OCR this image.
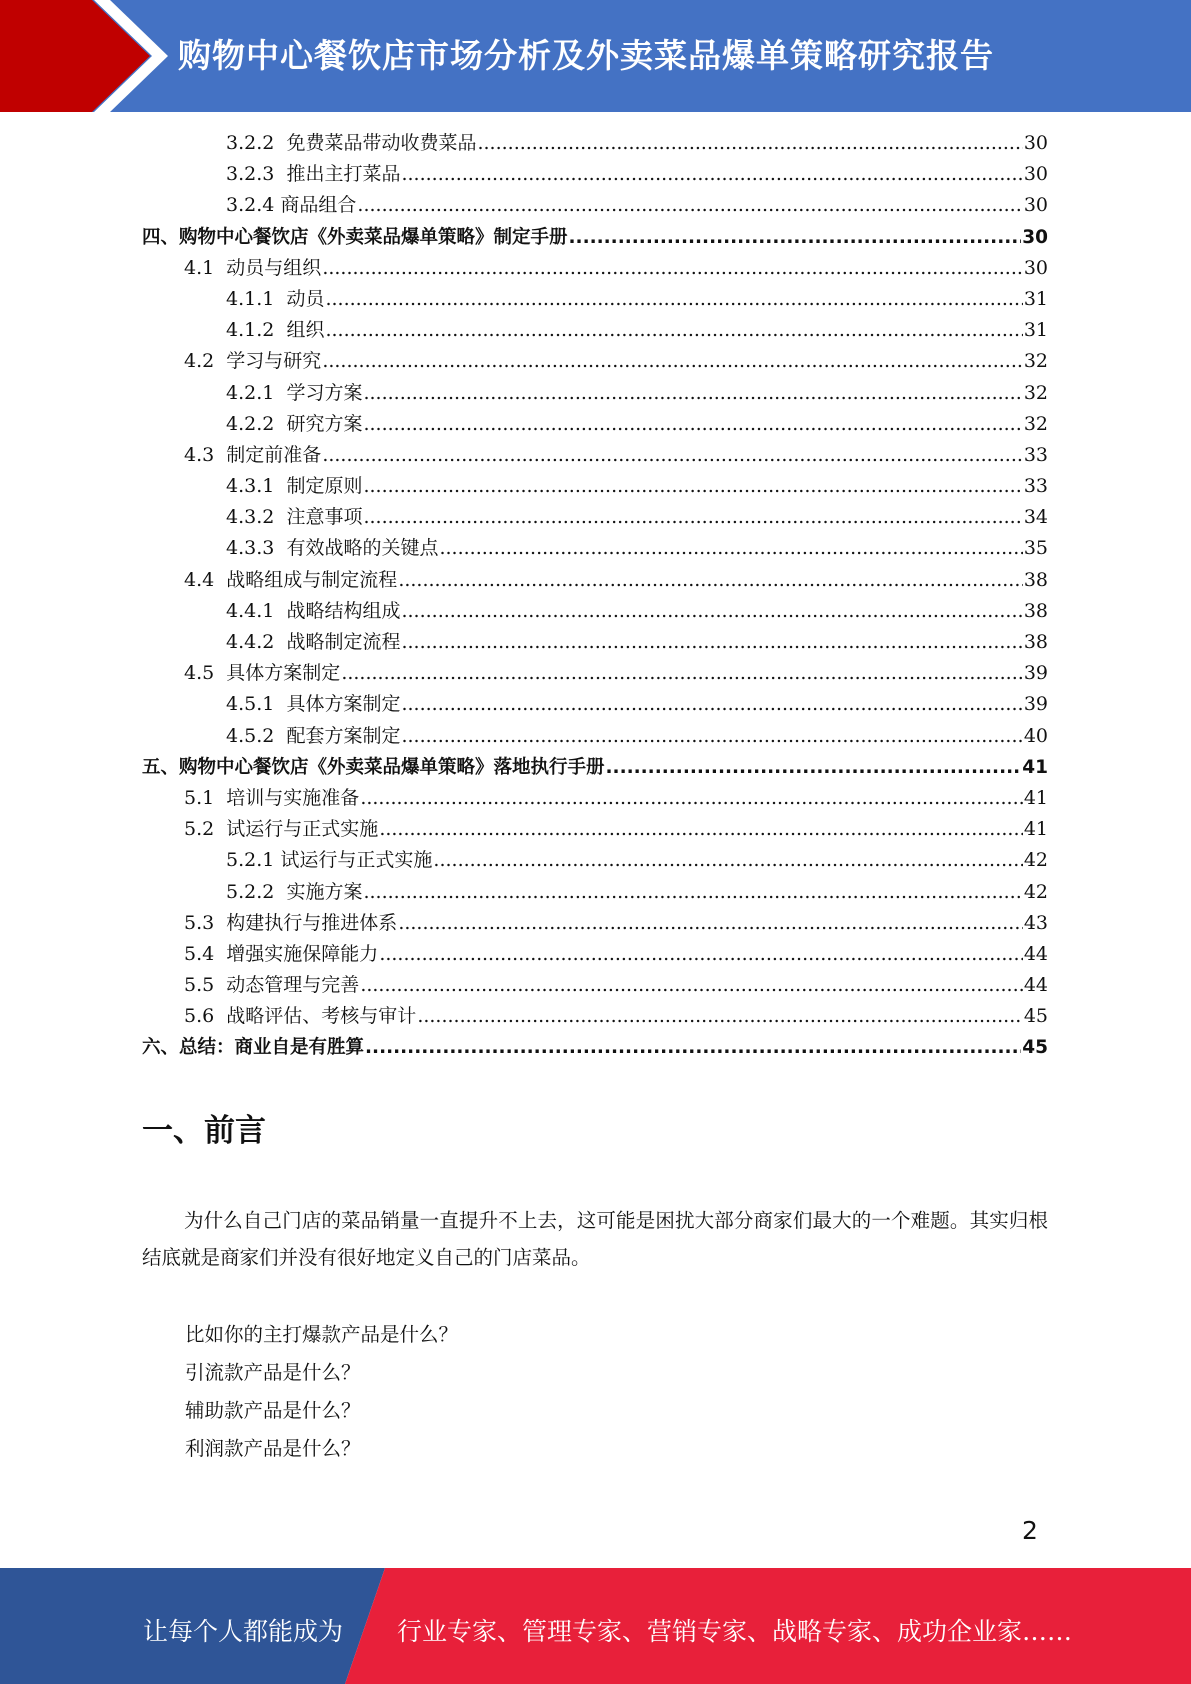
购物中心餐饮店市场分析及外卖菜品爆单策略研究报告
3.2.2 免费菜品带动收费菜品 .....	30
3.2.3 推出主打菜品 .....	30
3.2.4 商品组合 .....	30
四、购物中心餐饮店《外卖菜品爆单策略》制定手册 .....	30
4.1 动员与组织 .....	30
4.1.1 动员 .....	31
4.1.2 组织 .....	31
4.2 学习与研究 .....	32
4.2.1 学习方案 .....	32
4.2.2 研究方案 .....	32
4.3 制定前准备 .....	33
4.3.1 制定原则 .....	33
4.3.2 注意事项 .....	34
4.3.3 有效战略的关键点 .....	35
4.4 战略组成与制定流程 .....	38
4.4.1 战略结构组成 .....	38
4.4.2 战略制定流程 .....	38
4.5 具体方案制定 .....	39
4.5.1 具体方案制定 .....	39
4.5.2 配套方案制定 .....	40
五、购物中心餐饮店《外卖菜品爆单策略》落地执行手册 .....	41
5.1 培训与实施准备 .....	41
5.2 试运行与正式实施 .....	41
5.2.1 试运行与正式实施 .....	42
5.2.2 实施方案 .....	42
5.3 构建执行与推进体系 .....	43
5.4 增强实施保障能力 .....	44
5.5 动态管理与完善 .....	44
5.6 战略评估、考核与审计 .....	45
六、总结：商业自是有胜算 .....	45
一、前言
为什么自己门店的菜品销量一直提升不上去，这可能是困扰大部分商家们最大的一个难题。其实归根结底就是商家们并没有很好地定义自己的门店菜品。
比如你的主打爆款产品是什么？
引流款产品是什么？
辅助款产品是什么？
利润款产品是什么？
2
让每个人都能成为 行业专家、管理专家、营销专家、战略专家、成功企业家……
